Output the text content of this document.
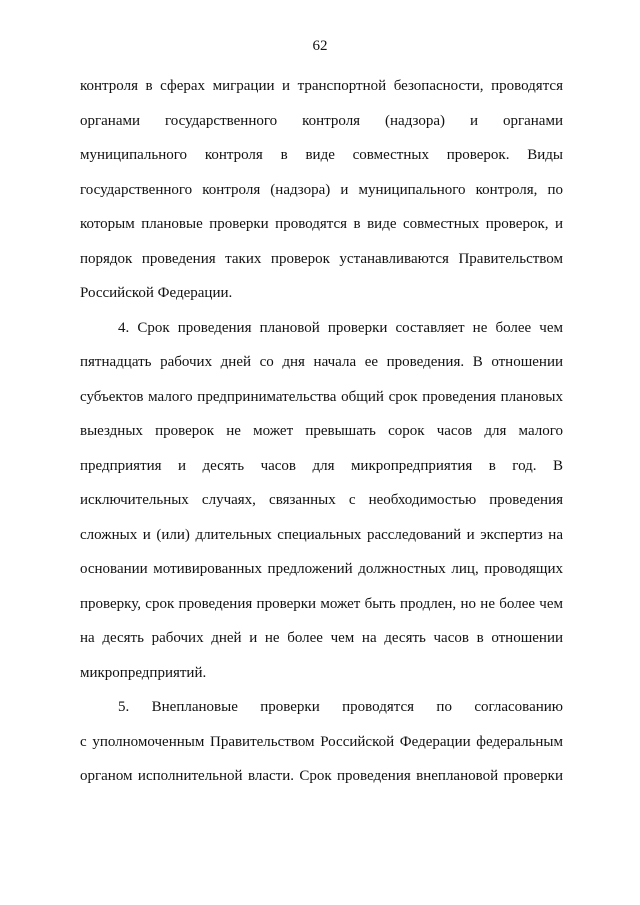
62
контроля в сферах миграции и транспортной безопасности, проводятся
органами государственного контроля (надзора) и органами
муниципального контроля в виде совместных проверок. Виды
государственного контроля (надзора) и муниципального контроля, по
которым плановые проверки проводятся в виде совместных проверок, и
порядок проведения таких проверок устанавливаются Правительством
Российской Федерации.
4. Срок проведения плановой проверки составляет не более чем
пятнадцать рабочих дней со дня начала ее проведения. В отношении
субъектов малого предпринимательства общий срок проведения плановых
выездных проверок не может превышать сорок часов для малого
предприятия и десять часов для микропредприятия в год. В
исключительных случаях, связанных с необходимостью проведения
сложных и (или) длительных специальных расследований и экспертиз на
основании мотивированных предложений должностных лиц, проводящих
проверку, срок проведения проверки может быть продлен, но не более чем
на десять рабочих дней и не более чем на десять часов в отношении
микропредприятий.
5. Внеплановые проверки проводятся по согласованию
с уполномоченным Правительством Российской Федерации федеральным
органом исполнительной власти. Срок проведения внеплановой проверки
